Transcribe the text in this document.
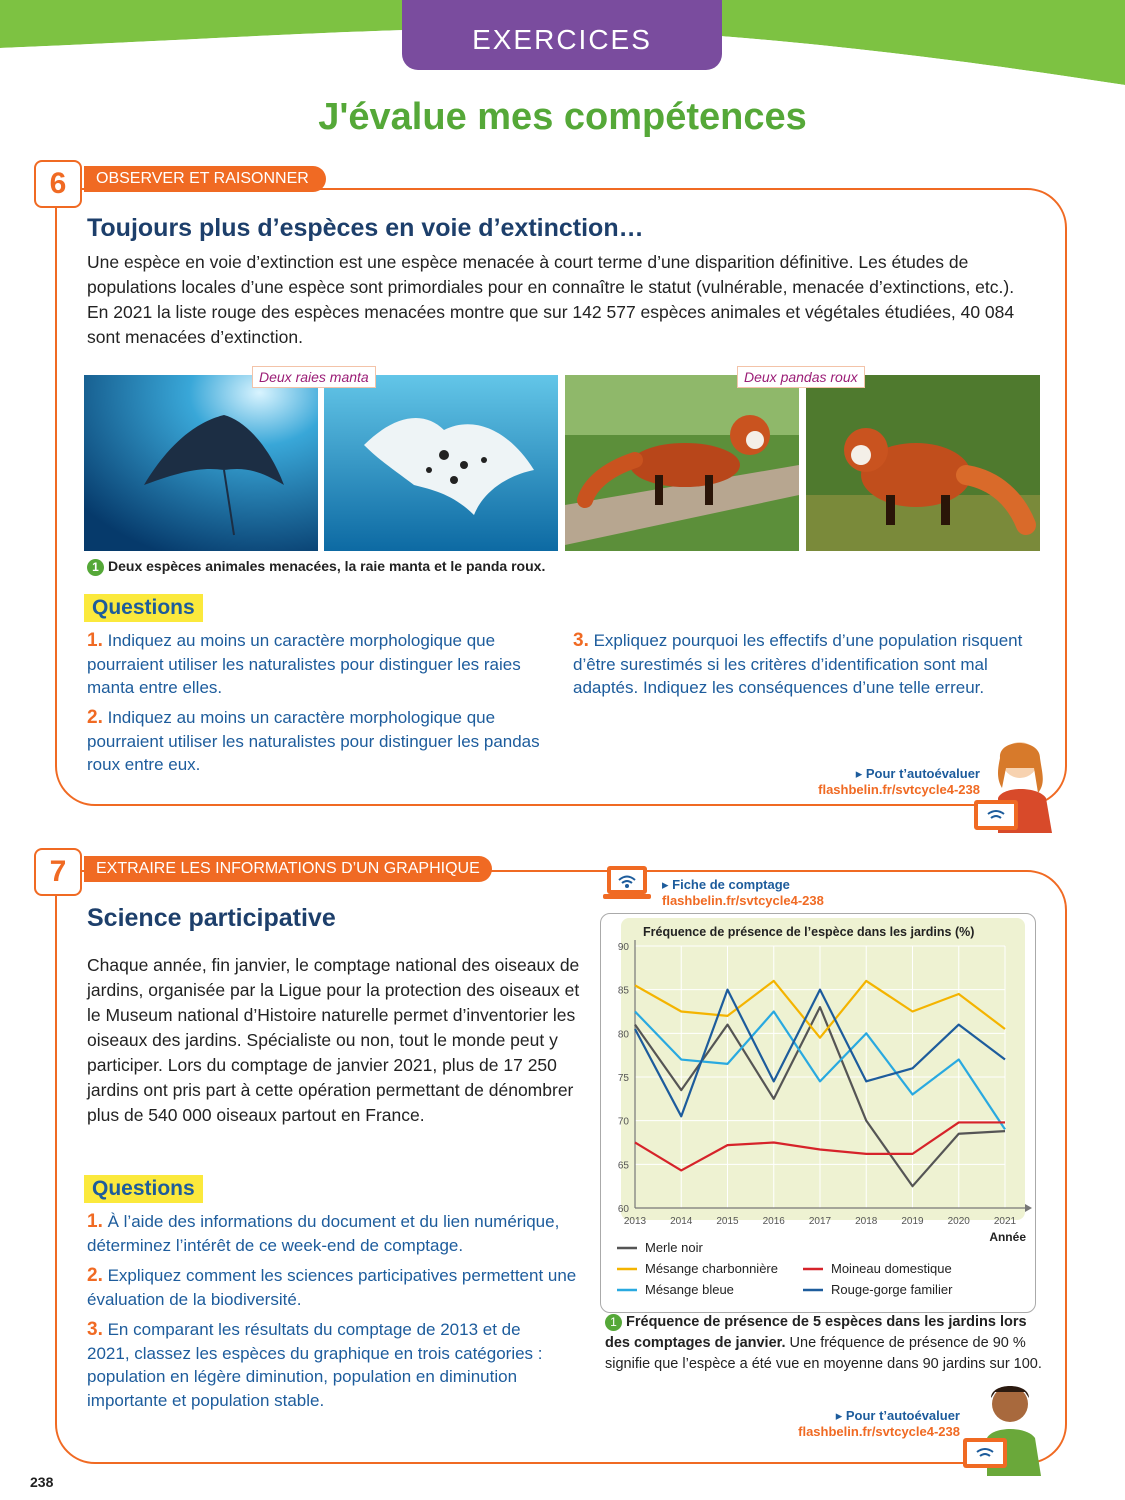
EXERCICES
J'évalue mes compétences
6	OBSERVER ET RAISONNER
Toujours plus d’espèces en voie d’extinction…
Une espèce en voie d’extinction est une espèce menacée à court terme d’une disparition définitive. Les études de populations locales d’une espèce sont primordiales pour en connaître le statut (vulnérable, menacée d’extinctions, etc.). En 2021 la liste rouge des espèces menacées montre que sur 142 577 espèces animales et végétales étudiées, 40 084 sont menacées d’extinction.
Deux raies manta	Deux pandas roux
1 Deux espèces animales menacées, la raie manta et le panda roux.
Questions
1. Indiquez au moins un caractère morphologique que pourraient utiliser les naturalistes pour distinguer les raies manta entre elles.
2. Indiquez au moins un caractère morphologique que pourraient utiliser les naturalistes pour distinguer les pandas roux entre eux.
3. Expliquez pourquoi les effectifs d’une population risquent d’être surestimés si les critères d’identification sont mal adaptés. Indiquez les conséquences d’une telle erreur.
▸ Pour t’autoévaluer
flashbelin.fr/svtcycle4-238
7	EXTRAIRE LES INFORMATIONS D’UN GRAPHIQUE
Science participative
Chaque année, fin janvier, le comptage national des oiseaux de jardins, organisée par la Ligue pour la protection des oiseaux et le Museum national d’Histoire naturelle permet d’inventorier les oiseaux des jardins. Spécialiste ou non, tout le monde peut y participer. Lors du comptage de janvier 2021, plus de 17 250 jardins ont pris part à cette opération permettant de dénombrer plus de 540 000 oiseaux partout en France.
Questions
1. À l’aide des informations du document et du lien numérique, déterminez l’intérêt de ce week-end de comptage.
2. Expliquez comment les sciences participatives permettent une évaluation de la biodiversité.
3. En comparant les résultats du comptage de 2013 et de 2021, classez les espèces du graphique en trois catégories : population en légère diminution, population en diminution importante et population stable.
▸ Fiche de comptage
flashbelin.fr/svtcycle4-238
Fréquence de présence de l’espèce dans les jardins (%)
60
65
70
75
80
85
90
2013 2014 2015 2016 2017 2018 2019 2020 2021
Année
Merle noir
Mésange charbonnière
Mésange bleue
Moineau domestique
Rouge-gorge familier
1 Fréquence de présence de 5 espèces dans les jardins lors des comptages de janvier. Une fréquence de présence de 90 % signifie que l’espèce a été vue en moyenne dans 90 jardins sur 100.
▸ Pour t’autoévaluer
flashbelin.fr/svtcycle4-238
238
